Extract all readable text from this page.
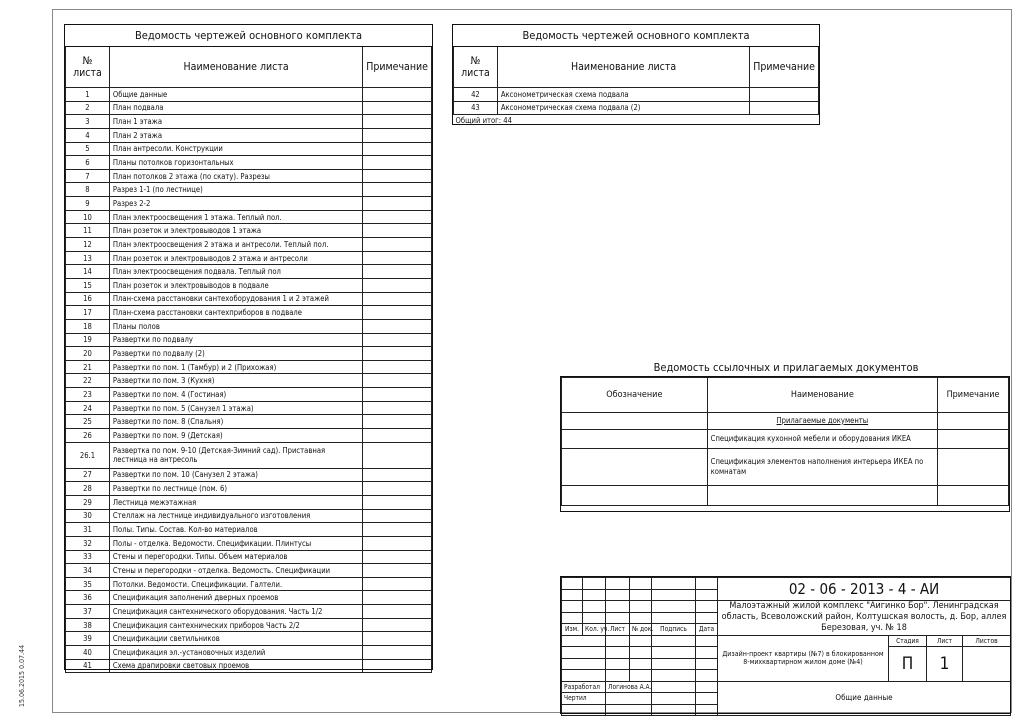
15.06.2015 0.07.44
Ведомость чертежей основного комплекта		
№ листа	Наименование листа	Примечание
1	Общие данные	
2	План подвала	
3	План 1 этажа	
4	План 2 этажа	
5	План антресоли. Конструкции	
6	Планы потолков горизонтальных	
7	План потолков 2 этажа (по скату). Разрезы	
8	Разрез 1-1 (по лестнице)	
9	Разрез 2-2	
10	План электроосвещения 1 этажа. Теплый пол.	
11	План розеток и электровыводов 1 этажа	
12	План электроосвещения 2 этажа и антресоли. Теплый пол.	
13	План розеток и электровыводов 2 этажа и антресоли	
14	План электроосвещения подвала. Теплый пол	
15	План розеток и электровыводов в подвале	
16	План-схема расстановки сантехоборудования 1 и 2 этажей	
17	План-схема расстановки сантехприборов в подвале	
18	Планы полов	
19	Развертки по подвалу	
20	Развертки по подвалу (2)	
21	Развертки по пом. 1 (Тамбур) и 2 (Прихожая)	
22	Развертки по пом. 3 (Кухня)	
23	Развертки по пом. 4 (Гостиная)	
24	Развертки по пом. 5 (Санузел 1 этажа)	
25	Развертки по пом. 8 (Спальня)	
26	Развертки по пом. 9 (Детская)	
26.1	Развертка по пом. 9-10 (Детская-Зимний сад). Приставная лестница на антресоль	
27	Развертки по пом. 10 (Санузел 2 этажа)	
28	Развертки по лестнице (пом. 6)	
29	Лестница межэтажная	
30	Стеллаж на лестнице индивидуального изготовления	
31	Полы. Типы. Состав. Кол-во материалов	
32	Полы - отделка. Ведомости. Спецификации. Плинтусы	
33	Стены и перегородки. Типы. Объем материалов	
34	Стены и перегородки - отделка. Ведомость. Спецификации	
35	Потолки. Ведомости. Спецификации. Галтели.	
36	Спецификация заполнений дверных проемов	
37	Спецификация сантехнического оборудования. Часть 1/2	
38	Спецификация сантехнических приборов Часть 2/2	
39	Спецификации светильников	
40	Спецификация эл.-установочных изделий	
41	Схема драпировки световых проемов	
Ведомость чертежей основного комплекта		
№ листа	Наименование листа	Примечание
42	Аксонометрическая схема подвала	
43	Аксонометрическая схема подвала (2)	
Общий итог: 44		
Ведомость ссылочных и прилагаемых документов
Обозначение	Наименование	Примечание
	Прилагаемые документы	
	Спецификация кухонной мебели и оборудования ИКЕА	
	Спецификация элементов наполнения интерьера ИКЕА по комнатам	

						02 - 06 - 2013 - 4 - АИ			

						Малоэтажный жилой комплекс "Аигинко Бор". Ленинградская область, Всеволожский район, Колтушская волость, д. Бор, аллея Березовая, уч. № 18			

Изм.	Кол. уч.	Лист	№ док.	Подпись	Дата				
						Дизайн-проект квартиры (№7) в блокированном 8-михквартирном жилом доме (№4)	Стадия	Лист	Листов
							П	1	

Разработал		Логинова А.А.				Общие данные			
Чертил									
